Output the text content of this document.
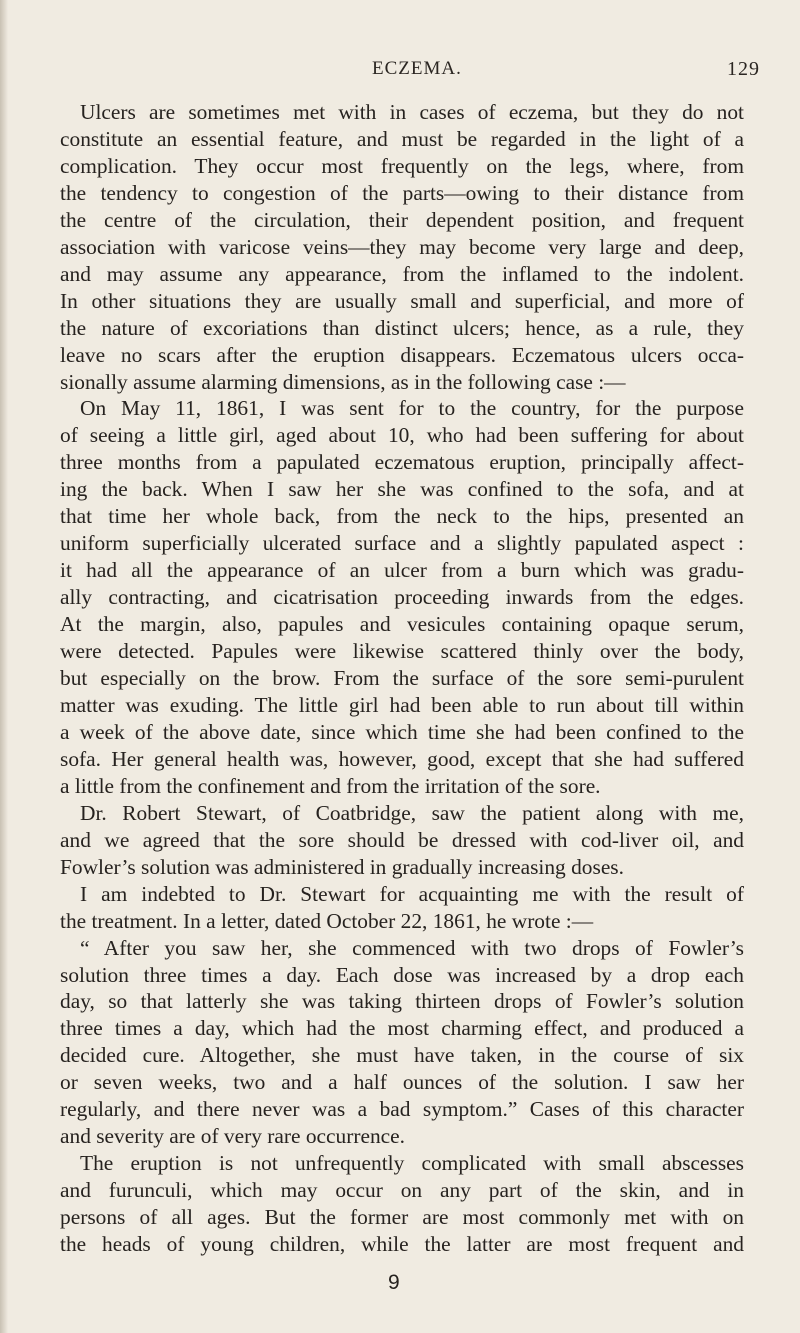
ECZEMA.	129

Ulcers are sometimes met with in cases of eczema, but they do not

constitute an essential feature, and must be regarded in the light of a

complication. They occur most frequently on the legs, where, from

the tendency to congestion of the parts—owing to their distance from

the centre of the circulation, their dependent position, and frequent

association with varicose veins—they may become very large and deep,

and may assume any appearance, from the inflamed to the indolent.

In other situations they are usually small and superficial, and more of

the nature of excoriations than distinct ulcers; hence, as a rule, they

leave no scars after the eruption disappears. Eczematous ulcers occa-

sionally assume alarming dimensions, as in the following case :—

On May 11, 1861, I was sent for to the country, for the purpose

of seeing a little girl, aged about 10, who had been suffering for about

three months from a papulated eczematous eruption, principally affect-

ing the back. When I saw her she was confined to the sofa, and at

that time her whole back, from the neck to the hips, presented an

uniform superficially ulcerated surface and a slightly papulated aspect :

it had all the appearance of an ulcer from a burn which was gradu-

ally contracting, and cicatrisation proceeding inwards from the edges.

At the margin, also, papules and vesicules containing opaque serum,

were detected. Papules were likewise scattered thinly over the body,

but especially on the brow. From the surface of the sore semi-purulent

matter was exuding. The little girl had been able to run about till within

a week of the above date, since which time she had been confined to the

sofa. Her general health was, however, good, except that she had suffered

a little from the confinement and from the irritation of the sore.

Dr. Robert Stewart, of Coatbridge, saw the patient along with me,

and we agreed that the sore should be dressed with cod-liver oil, and

Fowler’s solution was administered in gradually increasing doses.

I am indebted to Dr. Stewart for acquainting me with the result of

the treatment. In a letter, dated October 22, 1861, he wrote :—

“ After you saw her, she commenced with two drops of Fowler’s

solution three times a day. Each dose was increased by a drop each

day, so that latterly she was taking thirteen drops of Fowler’s solution

three times a day, which had the most charming effect, and produced a

decided cure. Altogether, she must have taken, in the course of six

or seven weeks, two and a half ounces of the solution. I saw her

regularly, and there never was a bad symptom.” Cases of this character

and severity are of very rare occurrence.

The eruption is not unfrequently complicated with small abscesses

and furunculi, which may occur on any part of the skin, and in

persons of all ages. But the former are most commonly met with on

the heads of young children, while the latter are most frequent and

9
